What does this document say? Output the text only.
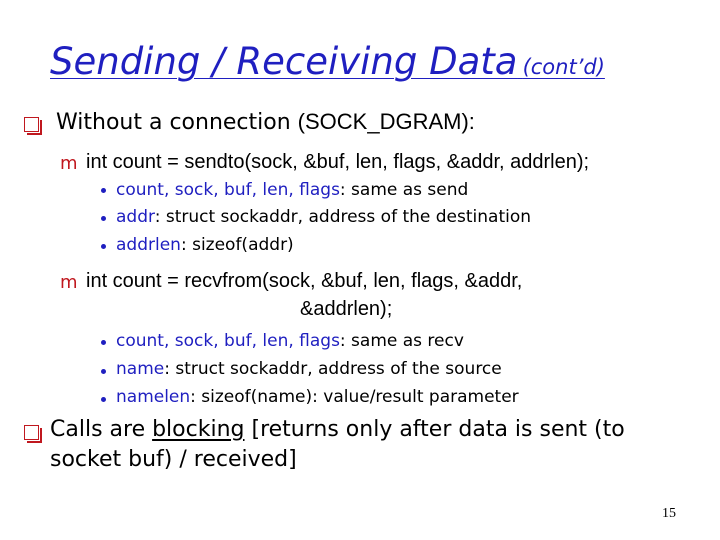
Sending / Receiving Data (cont’d)
Without a connection (SOCK_DGRAM):
m int count = sendto(sock, &buf, len, flags, &addr, addrlen);
count, sock, buf, len, flags: same as send
addr: struct sockaddr, address of the destination
addrlen: sizeof(addr)
m int count = recvfrom(sock, &buf, len, flags, &addr,
&addrlen);
count, sock, buf, len, flags: same as recv
name: struct sockaddr, address of the source
namelen: sizeof(name): value/result parameter
Calls are blocking [returns only after data is sent (to
socket buf) / received]
15
